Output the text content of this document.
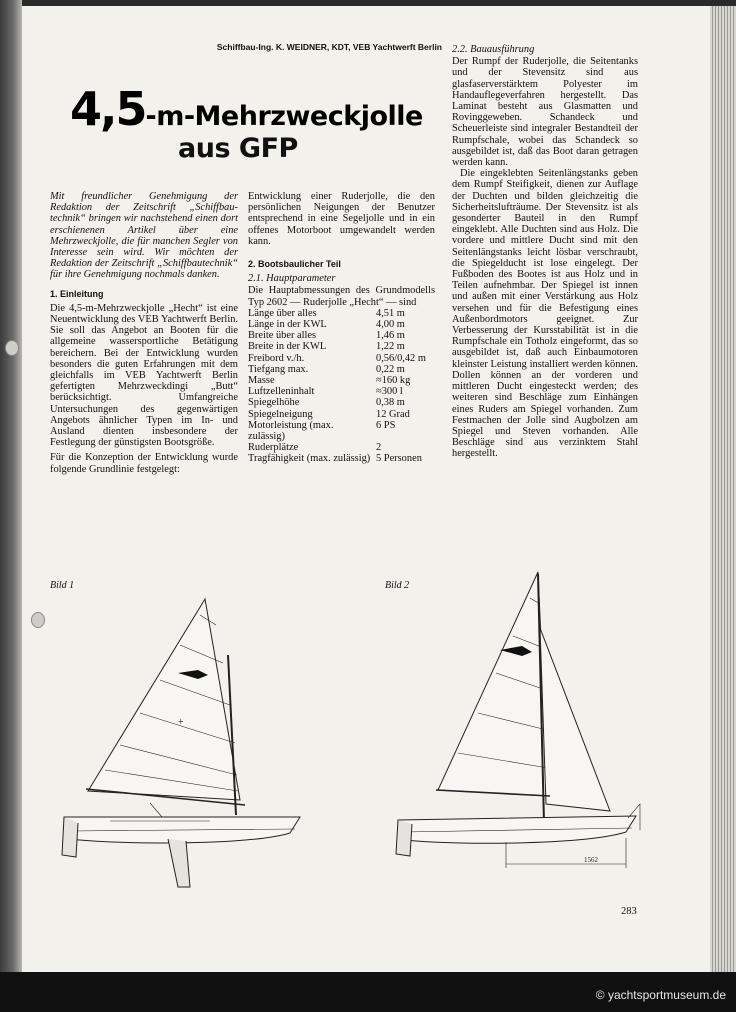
Schiffbau-Ing. K. WEIDNER, KDT, VEB Yachtwerft Berlin
4,5-m-Mehrzweckjolle
aus GFP

Mit freundlicher Genehmigung der Redaktion der Zeitschrift „Schiffbau-technik“ bringen wir nachstehend einen dort erschienenen Artikel über eine Mehrzweckjolle, die für manchen Segler von Interesse sein wird. Wir möchten der Redaktion der Zeitschrift „Schiffbautechnik“ für ihre Genehmigung nochmals danken.

1. Einleitung

Die 4,5-m-Mehrzweckjolle „Hecht“ ist eine Neuentwicklung des VEB Yachtwerft Berlin. Sie soll das Angebot an Booten für die allgemeine wassersportliche Betätigung bereichern. Bei der Entwicklung wurden besonders die guten Erfahrungen mit dem gleichfalls im VEB Yachtwerft Berlin gefertigten Mehrzweckdingi „Butt“ berücksichtigt. Umfangreiche Untersuchungen des gegenwärtigen Angebots ähnlicher Typen im In- und Ausland dienten insbesondere der Festlegung der günstigsten Bootsgröße.

Für die Konzeption der Entwicklung wurde folgende Grundlinie festgelegt:

Entwicklung einer Ruderjolle, die den persönlichen Neigungen der Benutzer entsprechend in eine Segeljolle und in ein offenes Motorboot umgewandelt werden kann.

2. Bootsbaulicher Teil
2.1. Hauptparameter

Die Hauptabmessungen des Grundmodells Typ 2602 — Ruderjolle „Hecht“ — sind

Länge über alles	4,51 m
Länge in der KWL	4,00 m
Breite über alles	1,46 m
Breite in der KWL	1,22 m
Freibord v./h.	0,56/0,42 m
Tiefgang max.	0,22 m
Masse	≈160 kg
Luftzelleninhalt	≈300 l
Spiegelhöhe	0,38 m
Spiegelneigung	12 Grad
Motorleistung (max. zulässig)	6 PS
Ruderplätze	2
Tragfähigkeit (max. zulässig)	5 Personen
2.2. Bauausführung

Der Rumpf der Ruderjolle, die Seitentanks und der Stevensitz sind aus glasfaserverstärktem Polyester im Handauflegeverfahren hergestellt. Das Laminat besteht aus Glasmatten und Rovinggeweben. Schandeck und Scheuerleiste sind integraler Bestandteil der Rumpfschale, wobei das Schandeck so ausgebildet ist, daß das Boot daran getragen werden kann.

Die eingeklebten Seitenlängstanks geben dem Rumpf Steifigkeit, dienen zur Auflage der Duchten und bilden gleichzeitig die Sicherheitslufträume. Der Stevensitz ist als gesonderter Bauteil in den Rumpf eingeklebt. Alle Duchten sind aus Holz. Die vordere und mittlere Ducht sind mit den Seitenlängstanks leicht lösbar verschraubt, die Spiegelducht ist lose eingelegt. Der Fußboden des Bootes ist aus Holz und in Teilen aufnehmbar. Der Spiegel ist innen und außen mit einer Verstärkung aus Holz versehen und für die Befestigung eines Außenbordmotors geeignet. Zur Verbesserung der Kursstabilität ist in die Rumpfschale ein Totholz eingeformt, das so ausgebildet ist, daß auch Einbaumotoren kleinster Leistung installiert werden können. Dollen können an der vorderen und mittleren Ducht eingesteckt werden; des weiteren sind Beschläge zum Einhängen eines Ruders am Spiegel vorhanden. Zum Festmachen der Jolle sind Augbolzen am Spiegel und Steven vorhanden. Alle Beschläge sind aus verzinktem Stahl hergestellt.

Bild 1	Bild 2
+
1562
283
© yachtsportmuseum.de
